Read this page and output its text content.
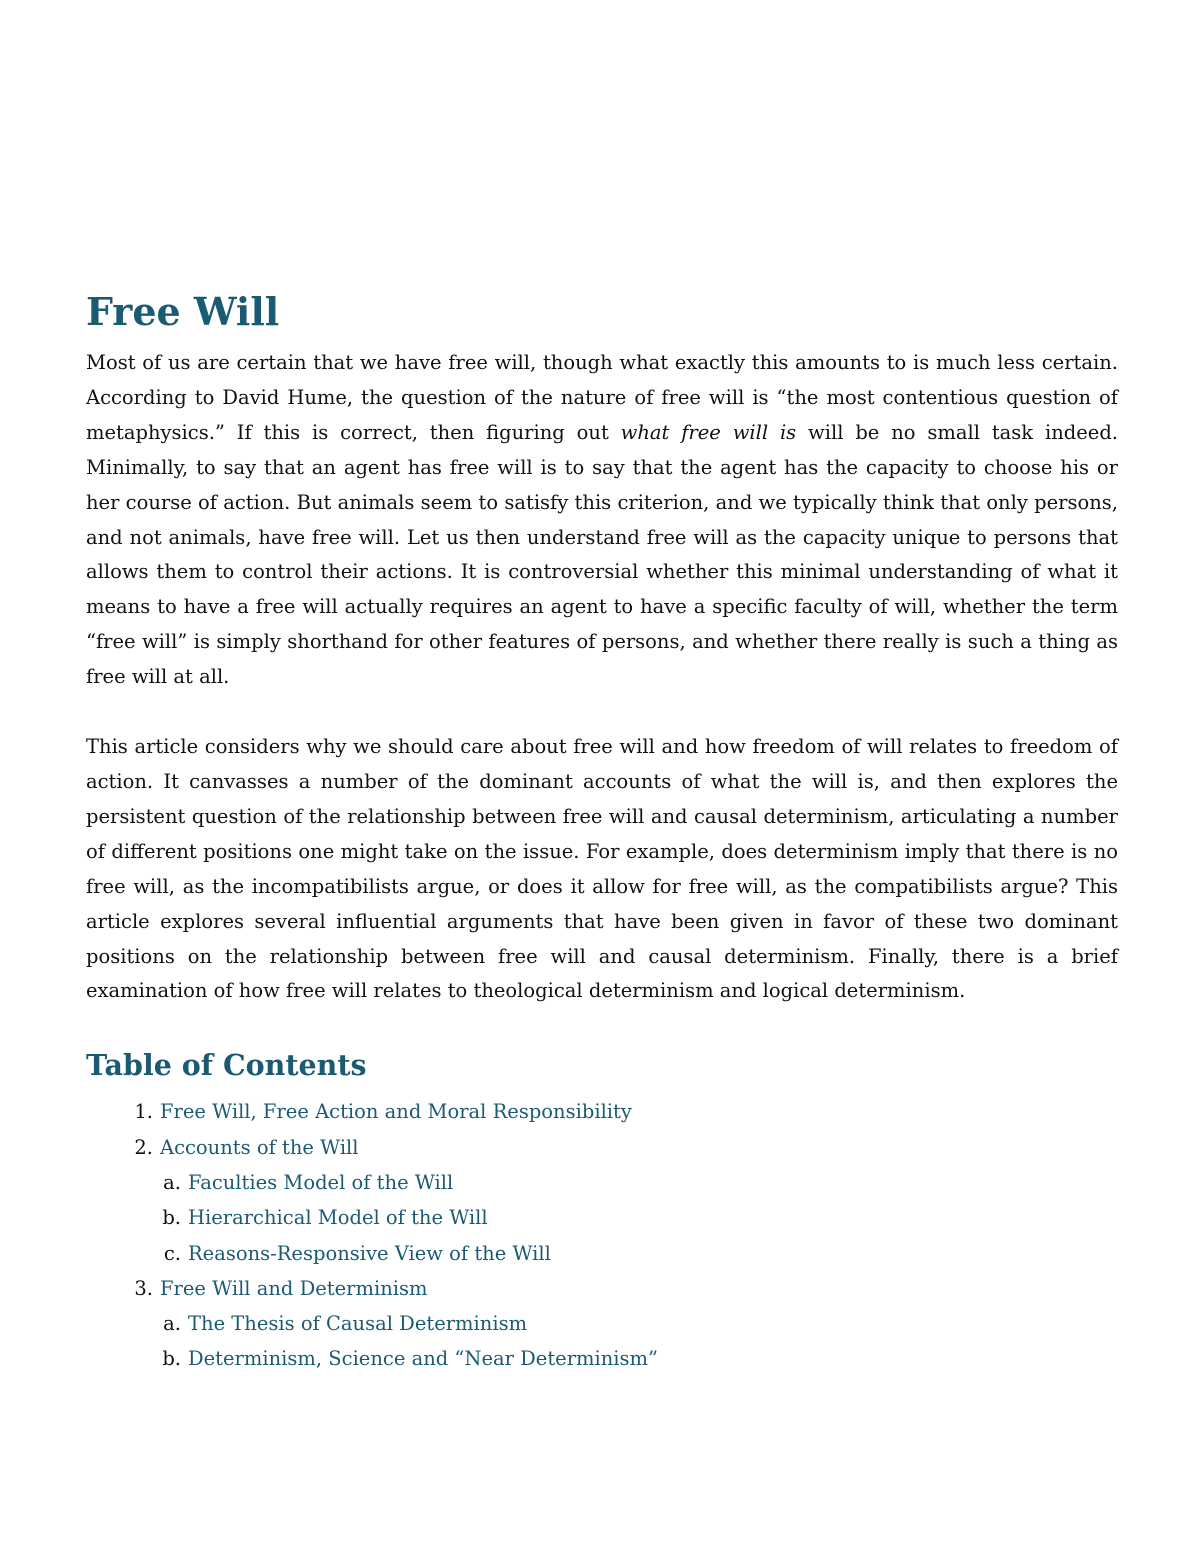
Free Will

Most of us are certain that we have free will, though what exactly this amounts to is much less certain. According to David Hume, the question of the nature of free will is “the most contentious question of metaphysics.” If this is correct, then figuring out what free will is will be no small task indeed. Minimally, to say that an agent has free will is to say that the agent has the capacity to choose his or her course of action. But animals seem to satisfy this criterion, and we typically think that only persons, and not animals, have free will. Let us then understand free will as the capacity unique to persons that allows them to control their actions. It is controversial whether this minimal understanding of what it means to have a free will actually requires an agent to have a specific faculty of will, whether the term “free will” is simply shorthand for other features of persons, and whether there really is such a thing as free will at all.

This article considers why we should care about free will and how freedom of will relates to freedom of action. It canvasses a number of the dominant accounts of what the will is, and then explores the persistent question of the relationship between free will and causal determinism, articulating a number of different positions one might take on the issue. For example, does determinism imply that there is no free will, as the incompatibilists argue, or does it allow for free will, as the compatibilists argue? This article explores several influential arguments that have been given in favor of these two dominant positions on the relationship between free will and causal determinism. Finally, there is a brief examination of how free will relates to theological determinism and logical determinism.

Table of Contents
1. Free Will, Free Action and Moral Responsibility
2. Accounts of the Will
a. Faculties Model of the Will
b. Hierarchical Model of the Will
c. Reasons-Responsive View of the Will
3. Free Will and Determinism
a. The Thesis of Causal Determinism
b. Determinism, Science and “Near Determinism”
